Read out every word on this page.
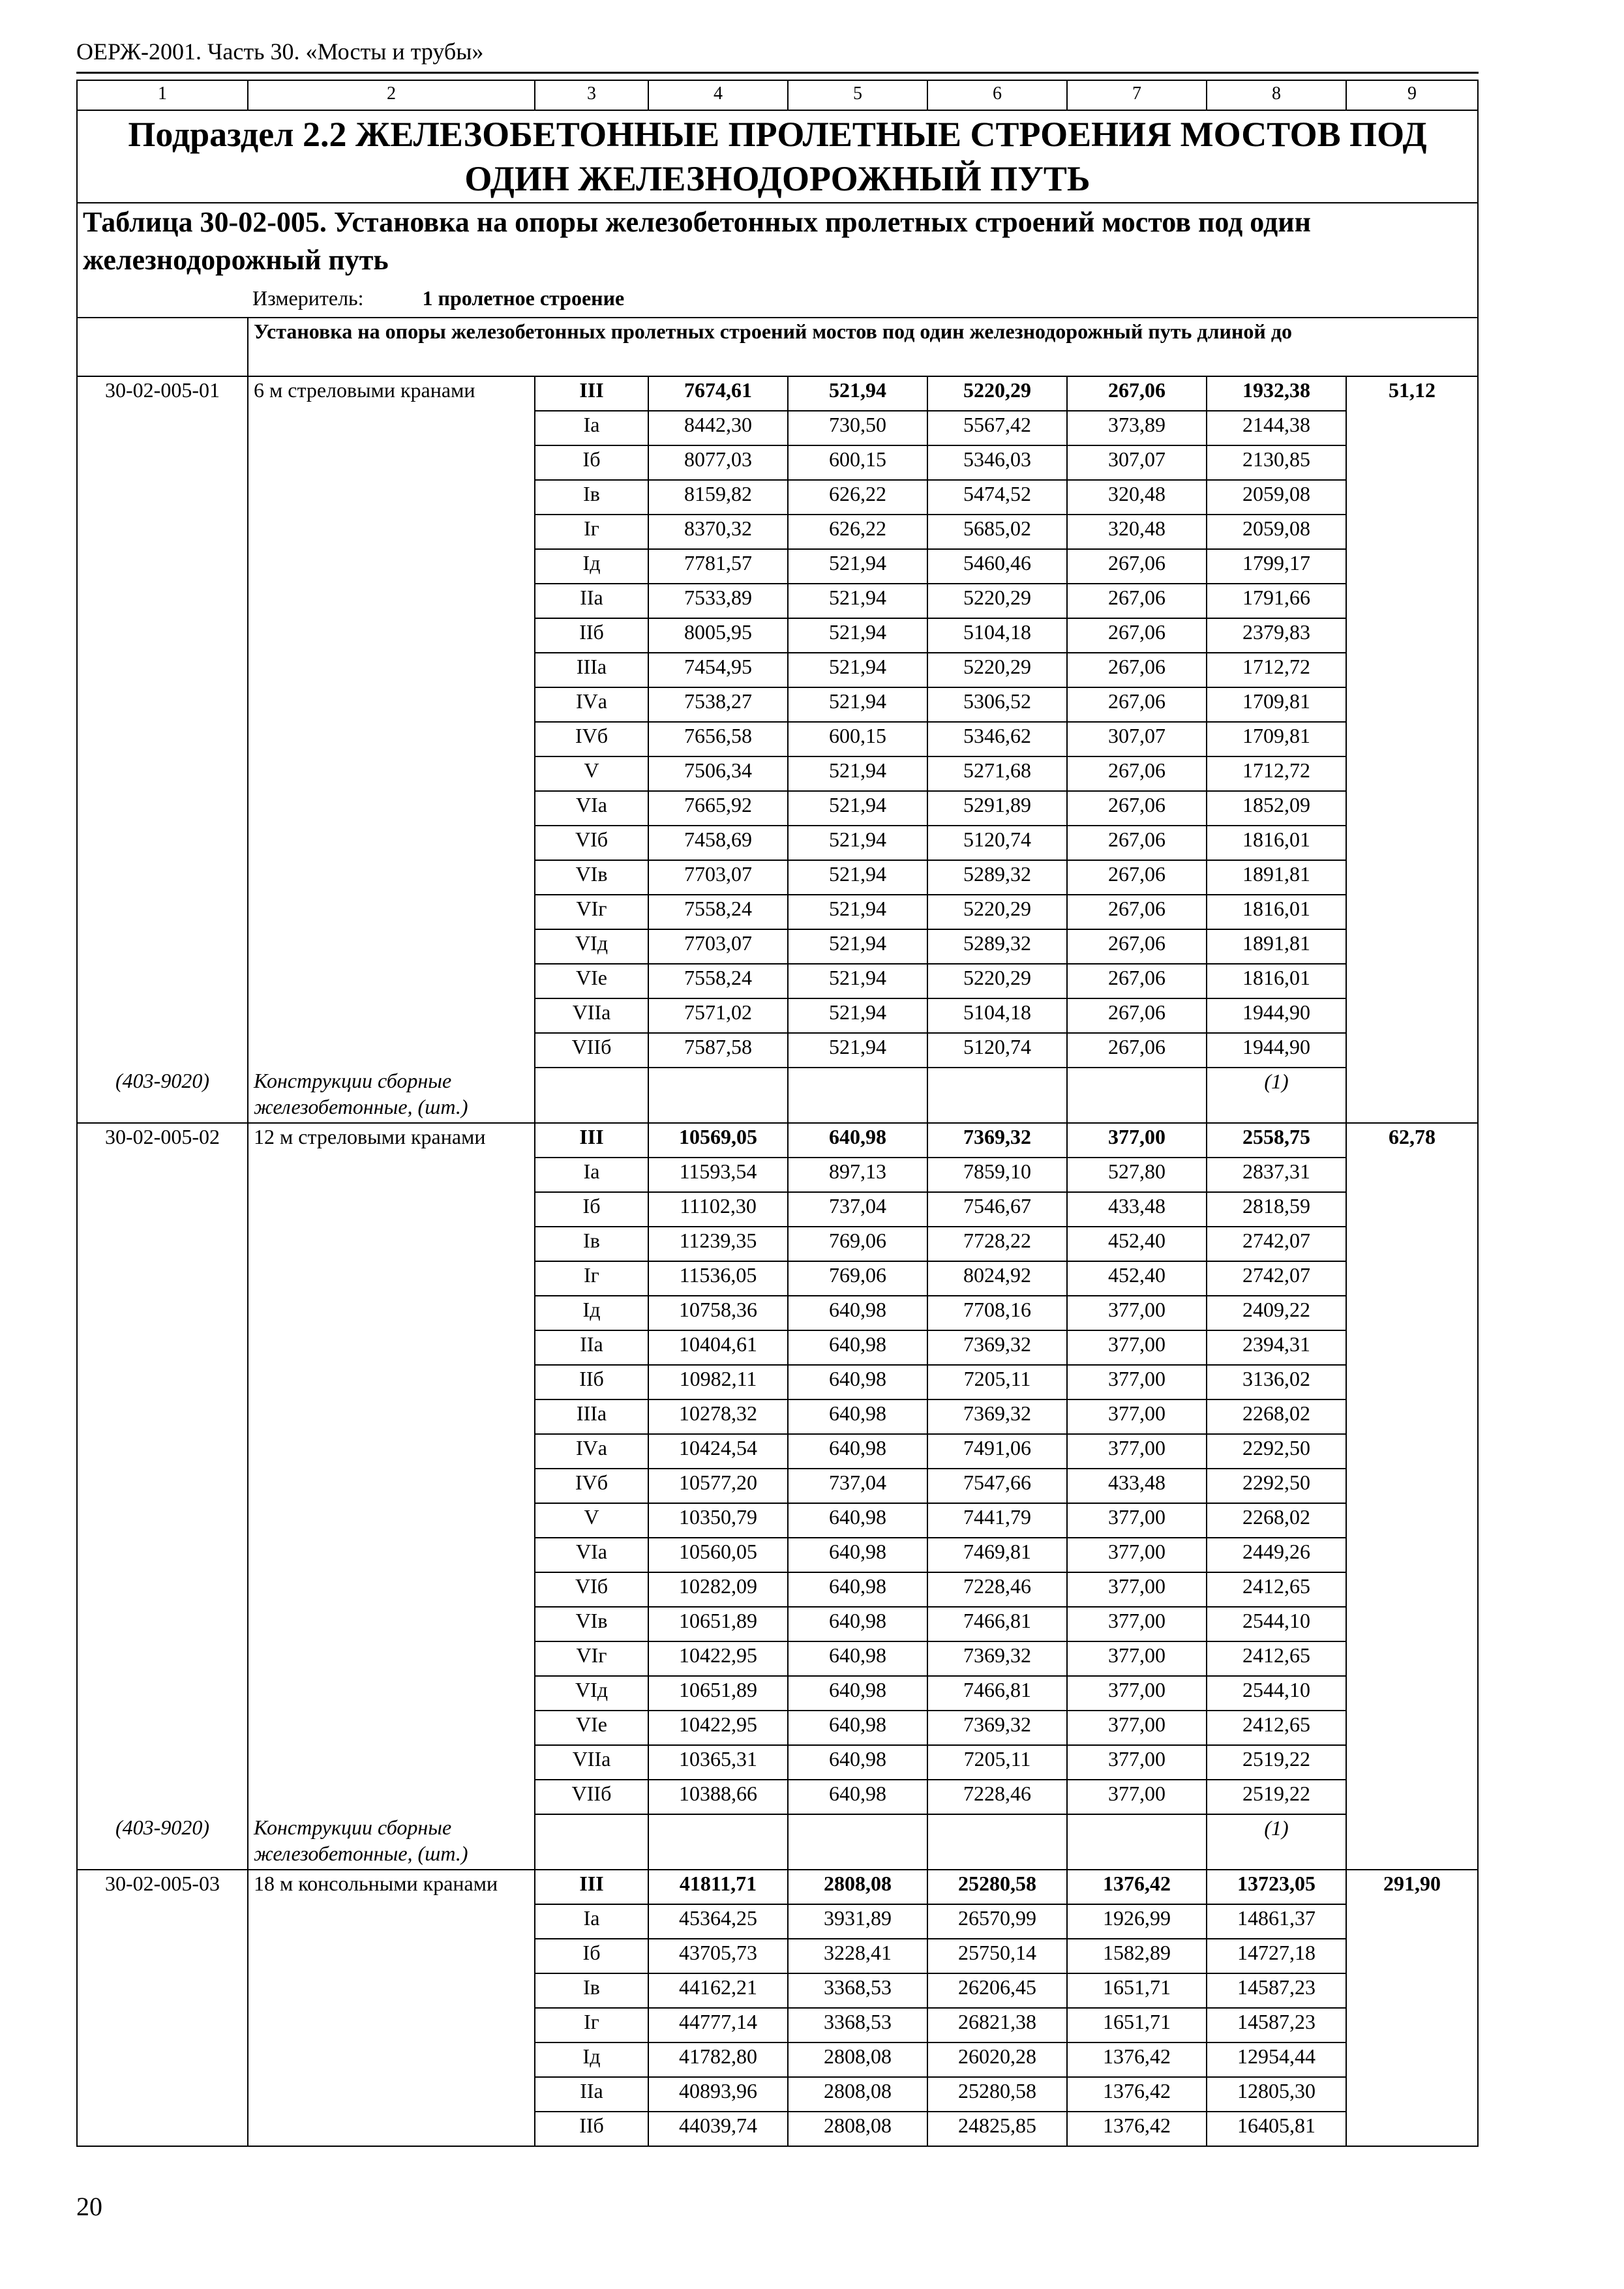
ОЕРЖ-2001. Часть 30. «Мосты и трубы»
1	2	3	4	5	6	7	8	9
Подраздел 2.2 ЖЕЛЕЗОБЕТОННЫЕ ПРОЛЕТНЫЕ СТРОЕНИЯ МОСТОВ ПОД ОДИН ЖЕЛЕЗНОДОРОЖНЫЙ ПУТЬ								

Таблица 30-02-005. Установка на опоры железобетонных пролетных строений мостов под один железнодорожный путь
Измеритель: 1 пролетное строение								

	Установка на опоры железобетонных пролетных строений мостов под один железнодорожный путь длиной до							
30-02-005-01	6 м стреловыми кранами	III	7674,61	521,94	5220,29	267,06	1932,38	51,12
		Iа	8442,30	730,50	5567,42	373,89	2144,38	
		Iб	8077,03	600,15	5346,03	307,07	2130,85	
		Iв	8159,82	626,22	5474,52	320,48	2059,08	
		Iг	8370,32	626,22	5685,02	320,48	2059,08	
		Iд	7781,57	521,94	5460,46	267,06	1799,17	
		IIа	7533,89	521,94	5220,29	267,06	1791,66	
		IIб	8005,95	521,94	5104,18	267,06	2379,83	
		IIIа	7454,95	521,94	5220,29	267,06	1712,72	
		IVа	7538,27	521,94	5306,52	267,06	1709,81	
		IVб	7656,58	600,15	5346,62	307,07	1709,81	
		V	7506,34	521,94	5271,68	267,06	1712,72	
		VIа	7665,92	521,94	5291,89	267,06	1852,09	
		VIб	7458,69	521,94	5120,74	267,06	1816,01	
		VIв	7703,07	521,94	5289,32	267,06	1891,81	
		VIг	7558,24	521,94	5220,29	267,06	1816,01	
		VIд	7703,07	521,94	5289,32	267,06	1891,81	
		VIе	7558,24	521,94	5220,29	267,06	1816,01	
		VIIа	7571,02	521,94	5104,18	267,06	1944,90	
		VIIб	7587,58	521,94	5120,74	267,06	1944,90	
(403-9020)	Конструкции сборные железобетонные, (шт.)						(1)	
30-02-005-02	12 м стреловыми кранами	III	10569,05	640,98	7369,32	377,00	2558,75	62,78
		Iа	11593,54	897,13	7859,10	527,80	2837,31	
		Iб	11102,30	737,04	7546,67	433,48	2818,59	
		Iв	11239,35	769,06	7728,22	452,40	2742,07	
		Iг	11536,05	769,06	8024,92	452,40	2742,07	
		Iд	10758,36	640,98	7708,16	377,00	2409,22	
		IIа	10404,61	640,98	7369,32	377,00	2394,31	
		IIб	10982,11	640,98	7205,11	377,00	3136,02	
		IIIа	10278,32	640,98	7369,32	377,00	2268,02	
		IVа	10424,54	640,98	7491,06	377,00	2292,50	
		IVб	10577,20	737,04	7547,66	433,48	2292,50	
		V	10350,79	640,98	7441,79	377,00	2268,02	
		VIа	10560,05	640,98	7469,81	377,00	2449,26	
		VIб	10282,09	640,98	7228,46	377,00	2412,65	
		VIв	10651,89	640,98	7466,81	377,00	2544,10	
		VIг	10422,95	640,98	7369,32	377,00	2412,65	
		VIд	10651,89	640,98	7466,81	377,00	2544,10	
		VIе	10422,95	640,98	7369,32	377,00	2412,65	
		VIIа	10365,31	640,98	7205,11	377,00	2519,22	
		VIIб	10388,66	640,98	7228,46	377,00	2519,22	
(403-9020)	Конструкции сборные железобетонные, (шт.)						(1)	
30-02-005-03	18 м консольными кранами	III	41811,71	2808,08	25280,58	1376,42	13723,05	291,90
		Iа	45364,25	3931,89	26570,99	1926,99	14861,37	
		Iб	43705,73	3228,41	25750,14	1582,89	14727,18	
		Iв	44162,21	3368,53	26206,45	1651,71	14587,23	
		Iг	44777,14	3368,53	26821,38	1651,71	14587,23	
		Iд	41782,80	2808,08	26020,28	1376,42	12954,44	
		IIа	40893,96	2808,08	25280,58	1376,42	12805,30	
		IIб	44039,74	2808,08	24825,85	1376,42	16405,81	
20
